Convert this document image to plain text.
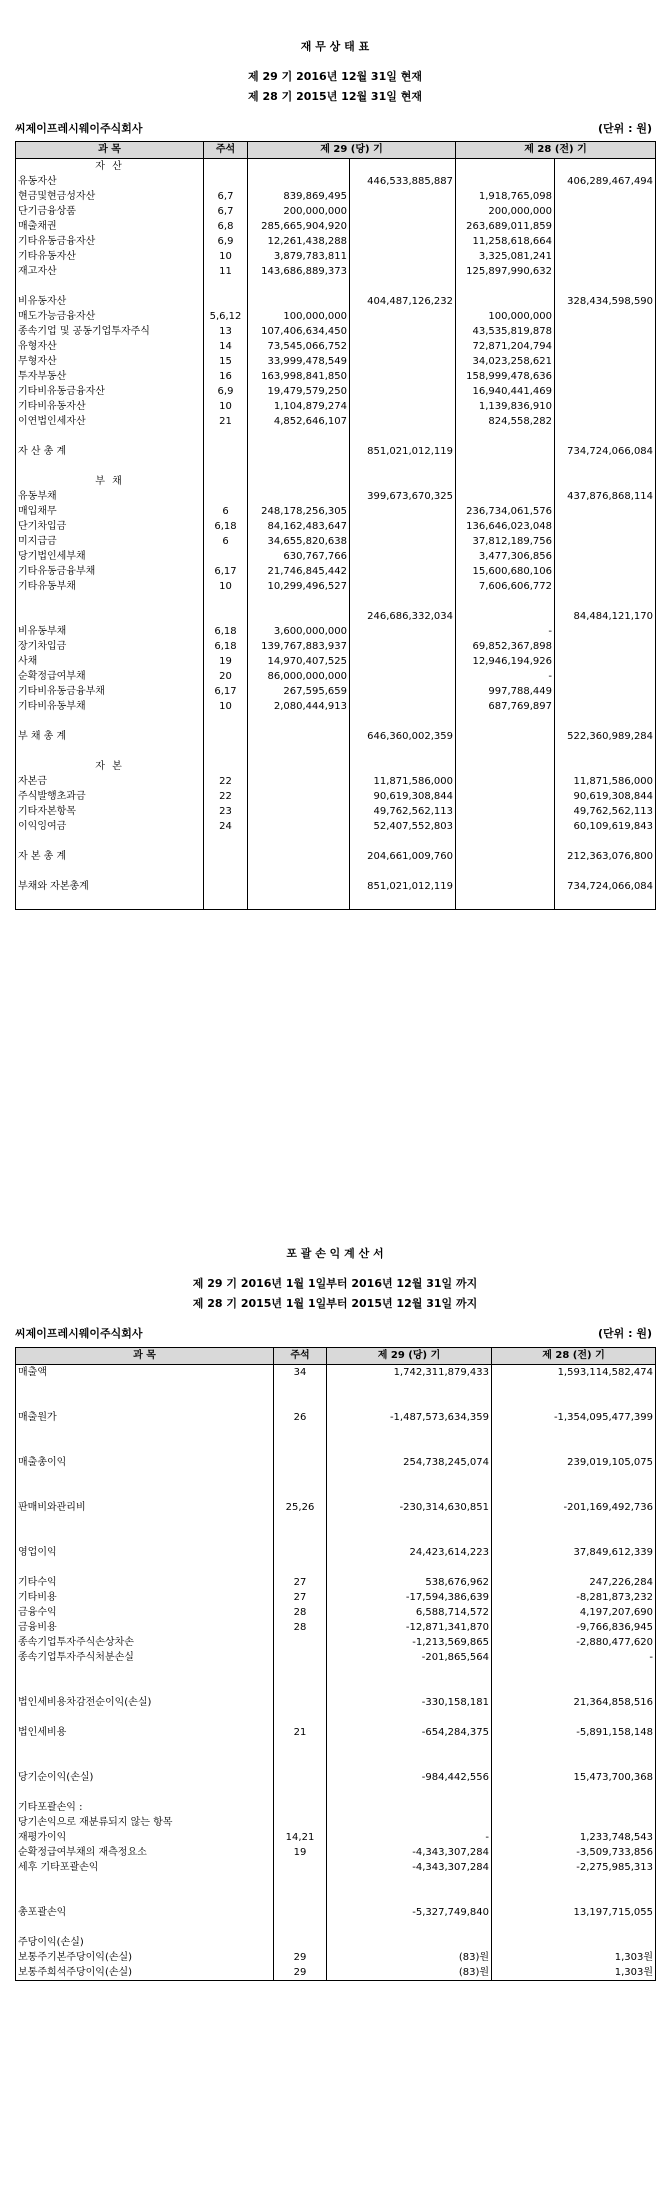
재 무 상 태 표
제 29 기 2016년 12월 31일 현재
제 28 기 2015년 12월 31일 현재
씨제이프레시웨이주식회사	(단위 : 원)
과 목	주석	제 29 (당) 기		제 28 (전) 기	
자 산					
유동자산			446,533,885,887		406,289,467,494
현금및현금성자산	6,7	839,869,495		1,918,765,098	
단기금융상품	6,7	200,000,000		200,000,000	
매출채권	6,8	285,665,904,920		263,689,011,859	
기타유동금융자산	6,9	12,261,438,288		11,258,618,664	
기타유동자산	10	3,879,783,811		3,325,081,241	
재고자산	11	143,686,889,373		125,897,990,632	

비유동자산			404,487,126,232		328,434,598,590
매도가능금융자산	5,6,12	100,000,000		100,000,000	
종속기업 및 공동기업투자주식	13	107,406,634,450		43,535,819,878	
유형자산	14	73,545,066,752		72,871,204,794	
무형자산	15	33,999,478,549		34,023,258,621	
투자부동산	16	163,998,841,850		158,999,478,636	
기타비유동금융자산	6,9	19,479,579,250		16,940,441,469	
기타비유동자산	10	1,104,879,274		1,139,836,910	
이연법인세자산	21	4,852,646,107		824,558,282	

자 산 총 계			851,021,012,119		734,724,066,084

부 채					
유동부채			399,673,670,325		437,876,868,114
매입채무	6	248,178,256,305		236,734,061,576	
단기차입금	6,18	84,162,483,647		136,646,023,048	
미지급금	6	34,655,820,638		37,812,189,756	
당기법인세부채		630,767,766		3,477,306,856	
기타유동금융부채	6,17	21,746,845,442		15,600,680,106	
기타유동부채	10	10,299,496,527		7,606,606,772	

			246,686,332,034		84,484,121,170
비유동부채	6,18	3,600,000,000		-	
장기차입금	6,18	139,767,883,937		69,852,367,898	
사채	19	14,970,407,525		12,946,194,926	
순확정급여부채	20	86,000,000,000		-	
기타비유동금융부채	6,17	267,595,659		997,788,449	
기타비유동부채	10	2,080,444,913		687,769,897	

부 채 총 계			646,360,002,359		522,360,989,284

자 본					
자본금	22		11,871,586,000		11,871,586,000
주식발행초과금	22		90,619,308,844		90,619,308,844
기타자본항목	23		49,762,562,113		49,762,562,113
이익잉여금	24		52,407,552,803		60,109,619,843

자 본 총 계			204,661,009,760		212,363,076,800

부채와 자본총계			851,021,012,119		734,724,066,084

포 괄 손 익 계 산 서
제 29 기 2016년 1월 1일부터 2016년 12월 31일 까지
제 28 기 2015년 1월 1일부터 2015년 12월 31일 까지
씨제이프레시웨이주식회사	(단위 : 원)
과 목	주석	제 29 (당) 기	제 28 (전) 기
매출액	34	1,742,311,879,433	1,593,114,582,474

매출원가	26	-1,487,573,634,359	-1,354,095,477,399

매출총이익		254,738,245,074	239,019,105,075

판매비와관리비	25,26	-230,314,630,851	-201,169,492,736

영업이익		24,423,614,223	37,849,612,339

기타수익	27	538,676,962	247,226,284
기타비용	27	-17,594,386,639	-8,281,873,232
금융수익	28	6,588,714,572	4,197,207,690
금융비용	28	-12,871,341,870	-9,766,836,945
종속기업투자주식손상차손		-1,213,569,865	-2,880,477,620
종속기업투자주식처분손실		-201,865,564	-

법인세비용차감전순이익(손실)		-330,158,181	21,364,858,516

법인세비용	21	-654,284,375	-5,891,158,148

당기순이익(손실)		-984,442,556	15,473,700,368

기타포괄손익 :			
당기손익으로 재분류되지 않는 항목			
재평가이익	14,21	-	1,233,748,543
순확정급여부채의 재측정요소	19	-4,343,307,284	-3,509,733,856
세후 기타포괄손익		-4,343,307,284	-2,275,985,313

총포괄손익		-5,327,749,840	13,197,715,055

주당이익(손실)			
보통주기본주당이익(손실)	29	(83)원	1,303원
보통주희석주당이익(손실)	29	(83)원	1,303원
